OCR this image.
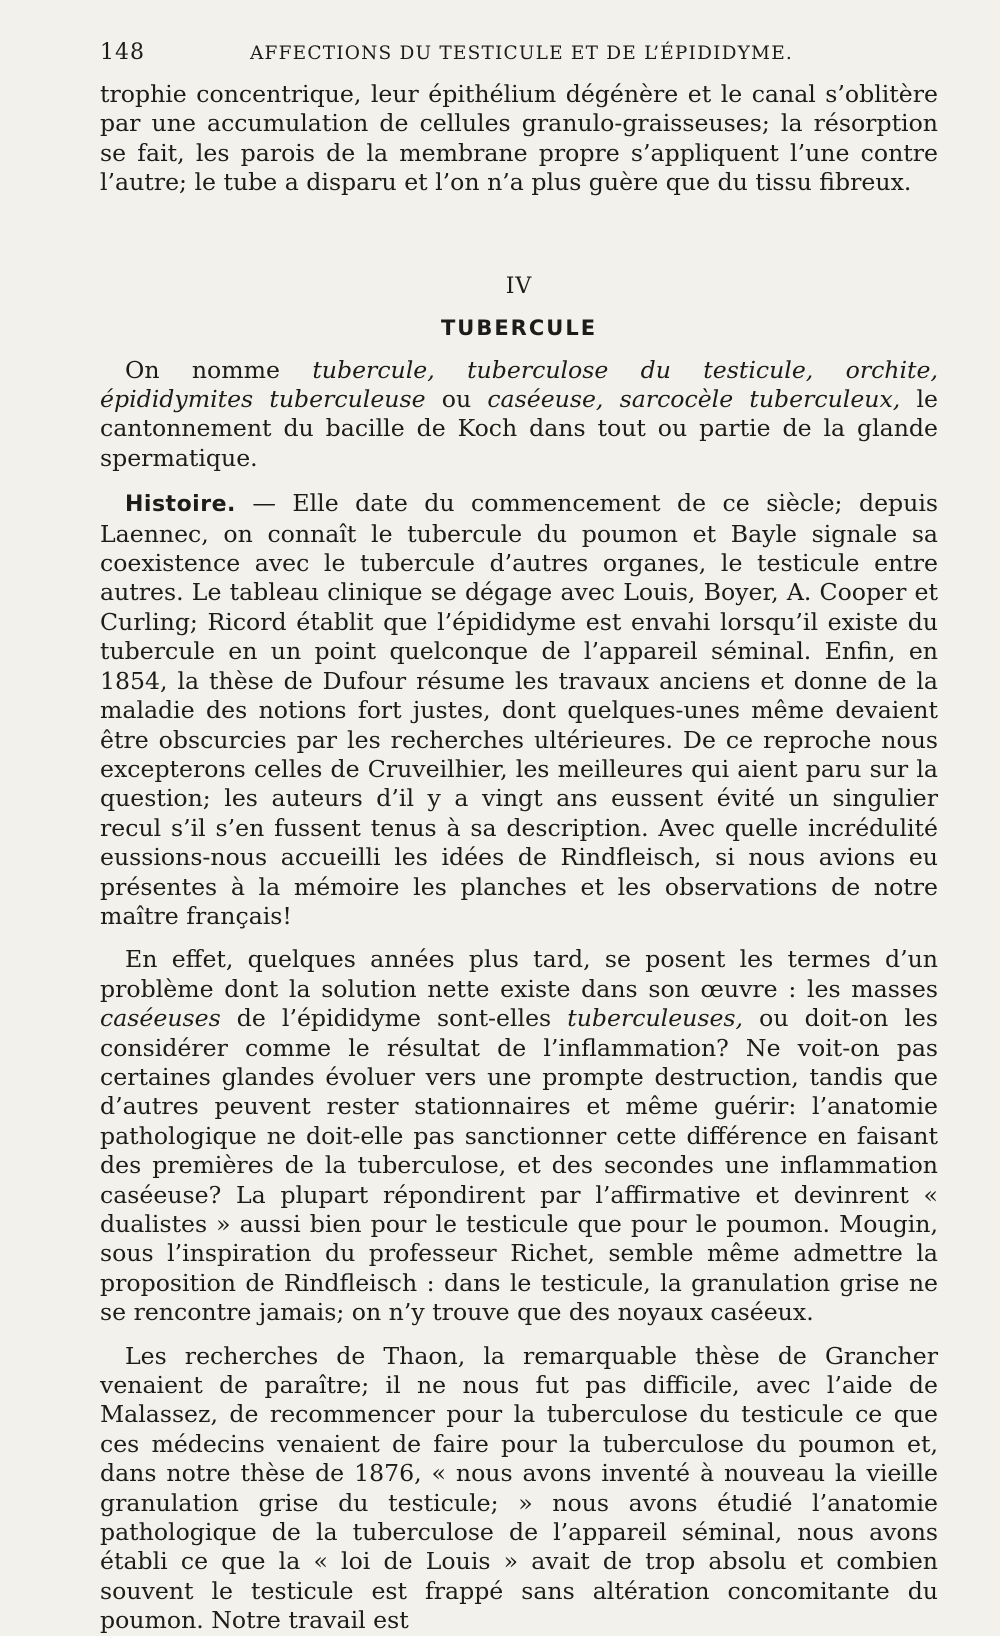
148	AFFECTIONS DU TESTICULE ET DE L’ÉPIDIDYME.

trophie concentrique, leur épithélium dégénère et le canal s’oblitère par une accumulation de cellules granulo-graisseuses; la résorption se fait, les parois de la membrane propre s’appliquent l’une contre l’autre; le tube a disparu et l’on n’a plus guère que du tissu fibreux.

IV
TUBERCULE

On nomme tubercule, tuberculose du testicule, orchite, épididymites tuberculeuse ou caséeuse, sarcocèle tuberculeux, le cantonnement du bacille de Koch dans tout ou partie de la glande spermatique.

Histoire. — Elle date du commencement de ce siècle; depuis Laennec, on connaît le tubercule du poumon et Bayle signale sa coexistence avec le tubercule d’autres organes, le testicule entre autres. Le tableau clinique se dégage avec Louis, Boyer, A. Cooper et Curling; Ricord établit que l’épididyme est envahi lorsqu’il existe du tubercule en un point quelconque de l’appareil séminal. Enfin, en 1854, la thèse de Dufour résume les travaux anciens et donne de la maladie des notions fort justes, dont quelques-unes même devaient être obscurcies par les recherches ultérieures. De ce reproche nous excepterons celles de Cruveilhier, les meilleures qui aient paru sur la question; les auteurs d’il y a vingt ans eussent évité un singulier recul s’il s’en fussent tenus à sa description. Avec quelle incrédulité eussions-nous accueilli les idées de Rindfleisch, si nous avions eu présentes à la mémoire les planches et les observations de notre maître français!

En effet, quelques années plus tard, se posent les termes d’un problème dont la solution nette existe dans son œuvre : les masses caséeuses de l’épididyme sont-elles tuberculeuses, ou doit-on les considérer comme le résultat de l’inflammation? Ne voit-on pas certaines glandes évoluer vers une prompte destruction, tandis que d’autres peuvent rester stationnaires et même guérir: l’anatomie pathologique ne doit-elle pas sanctionner cette différence en faisant des premières de la tuberculose, et des secondes une inflammation caséeuse? La plupart répondirent par l’affirmative et devinrent « dualistes » aussi bien pour le testicule que pour le poumon. Mougin, sous l’inspiration du professeur Richet, semble même admettre la proposition de Rindfleisch : dans le testicule, la granulation grise ne se rencontre jamais; on n’y trouve que des noyaux caséeux.

Les recherches de Thaon, la remarquable thèse de Grancher venaient de paraître; il ne nous fut pas difficile, avec l’aide de Malassez, de recommencer pour la tuberculose du testicule ce que ces médecins venaient de faire pour la tuberculose du poumon et, dans notre thèse de 1876, « nous avons inventé à nouveau la vieille granulation grise du testicule; » nous avons étudié l’anatomie pathologique de la tuberculose de l’appareil séminal, nous avons établi ce que la « loi de Louis » avait de trop absolu et combien souvent le testicule est frappé sans altération concomitante du poumon. Notre travail est
